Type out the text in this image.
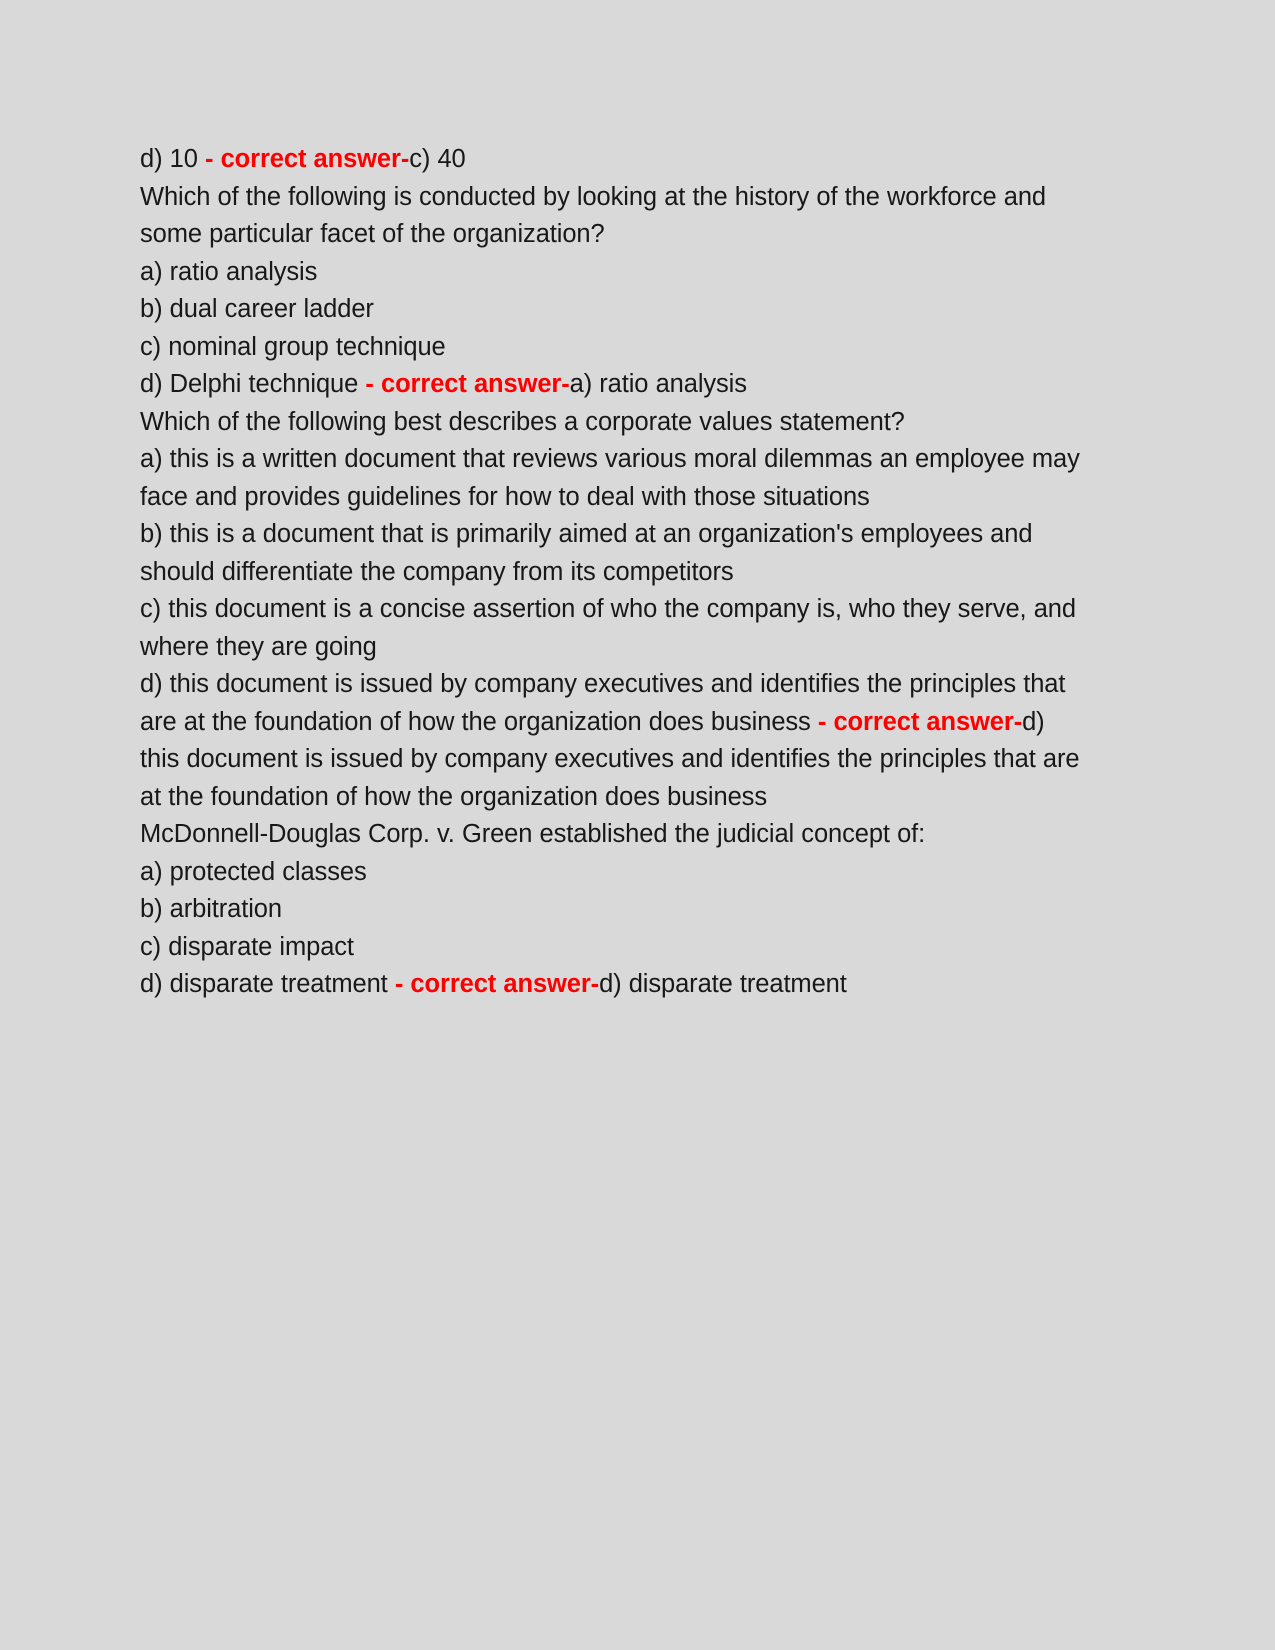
d) 10 - correct answer-c) 40

Which of the following is conducted by looking at the history of the workforce and some particular facet of the organization?

a) ratio analysis

b) dual career ladder

c) nominal group technique

d) Delphi technique - correct answer-a) ratio analysis

Which of the following best describes a corporate values statement?

a) this is a written document that reviews various moral dilemmas an employee may face and provides guidelines for how to deal with those situations

b) this is a document that is primarily aimed at an organization's employees and should differentiate the company from its competitors

c) this document is a concise assertion of who the company is, who they serve, and where they are going

d) this document is issued by company executives and identifies the principles that are at the foundation of how the organization does business - correct answer-d) this document is issued by company executives and identifies the principles that are at the foundation of how the organization does business

McDonnell-Douglas Corp. v. Green established the judicial concept of:

a) protected classes

b) arbitration

c) disparate impact

d) disparate treatment - correct answer-d) disparate treatment
